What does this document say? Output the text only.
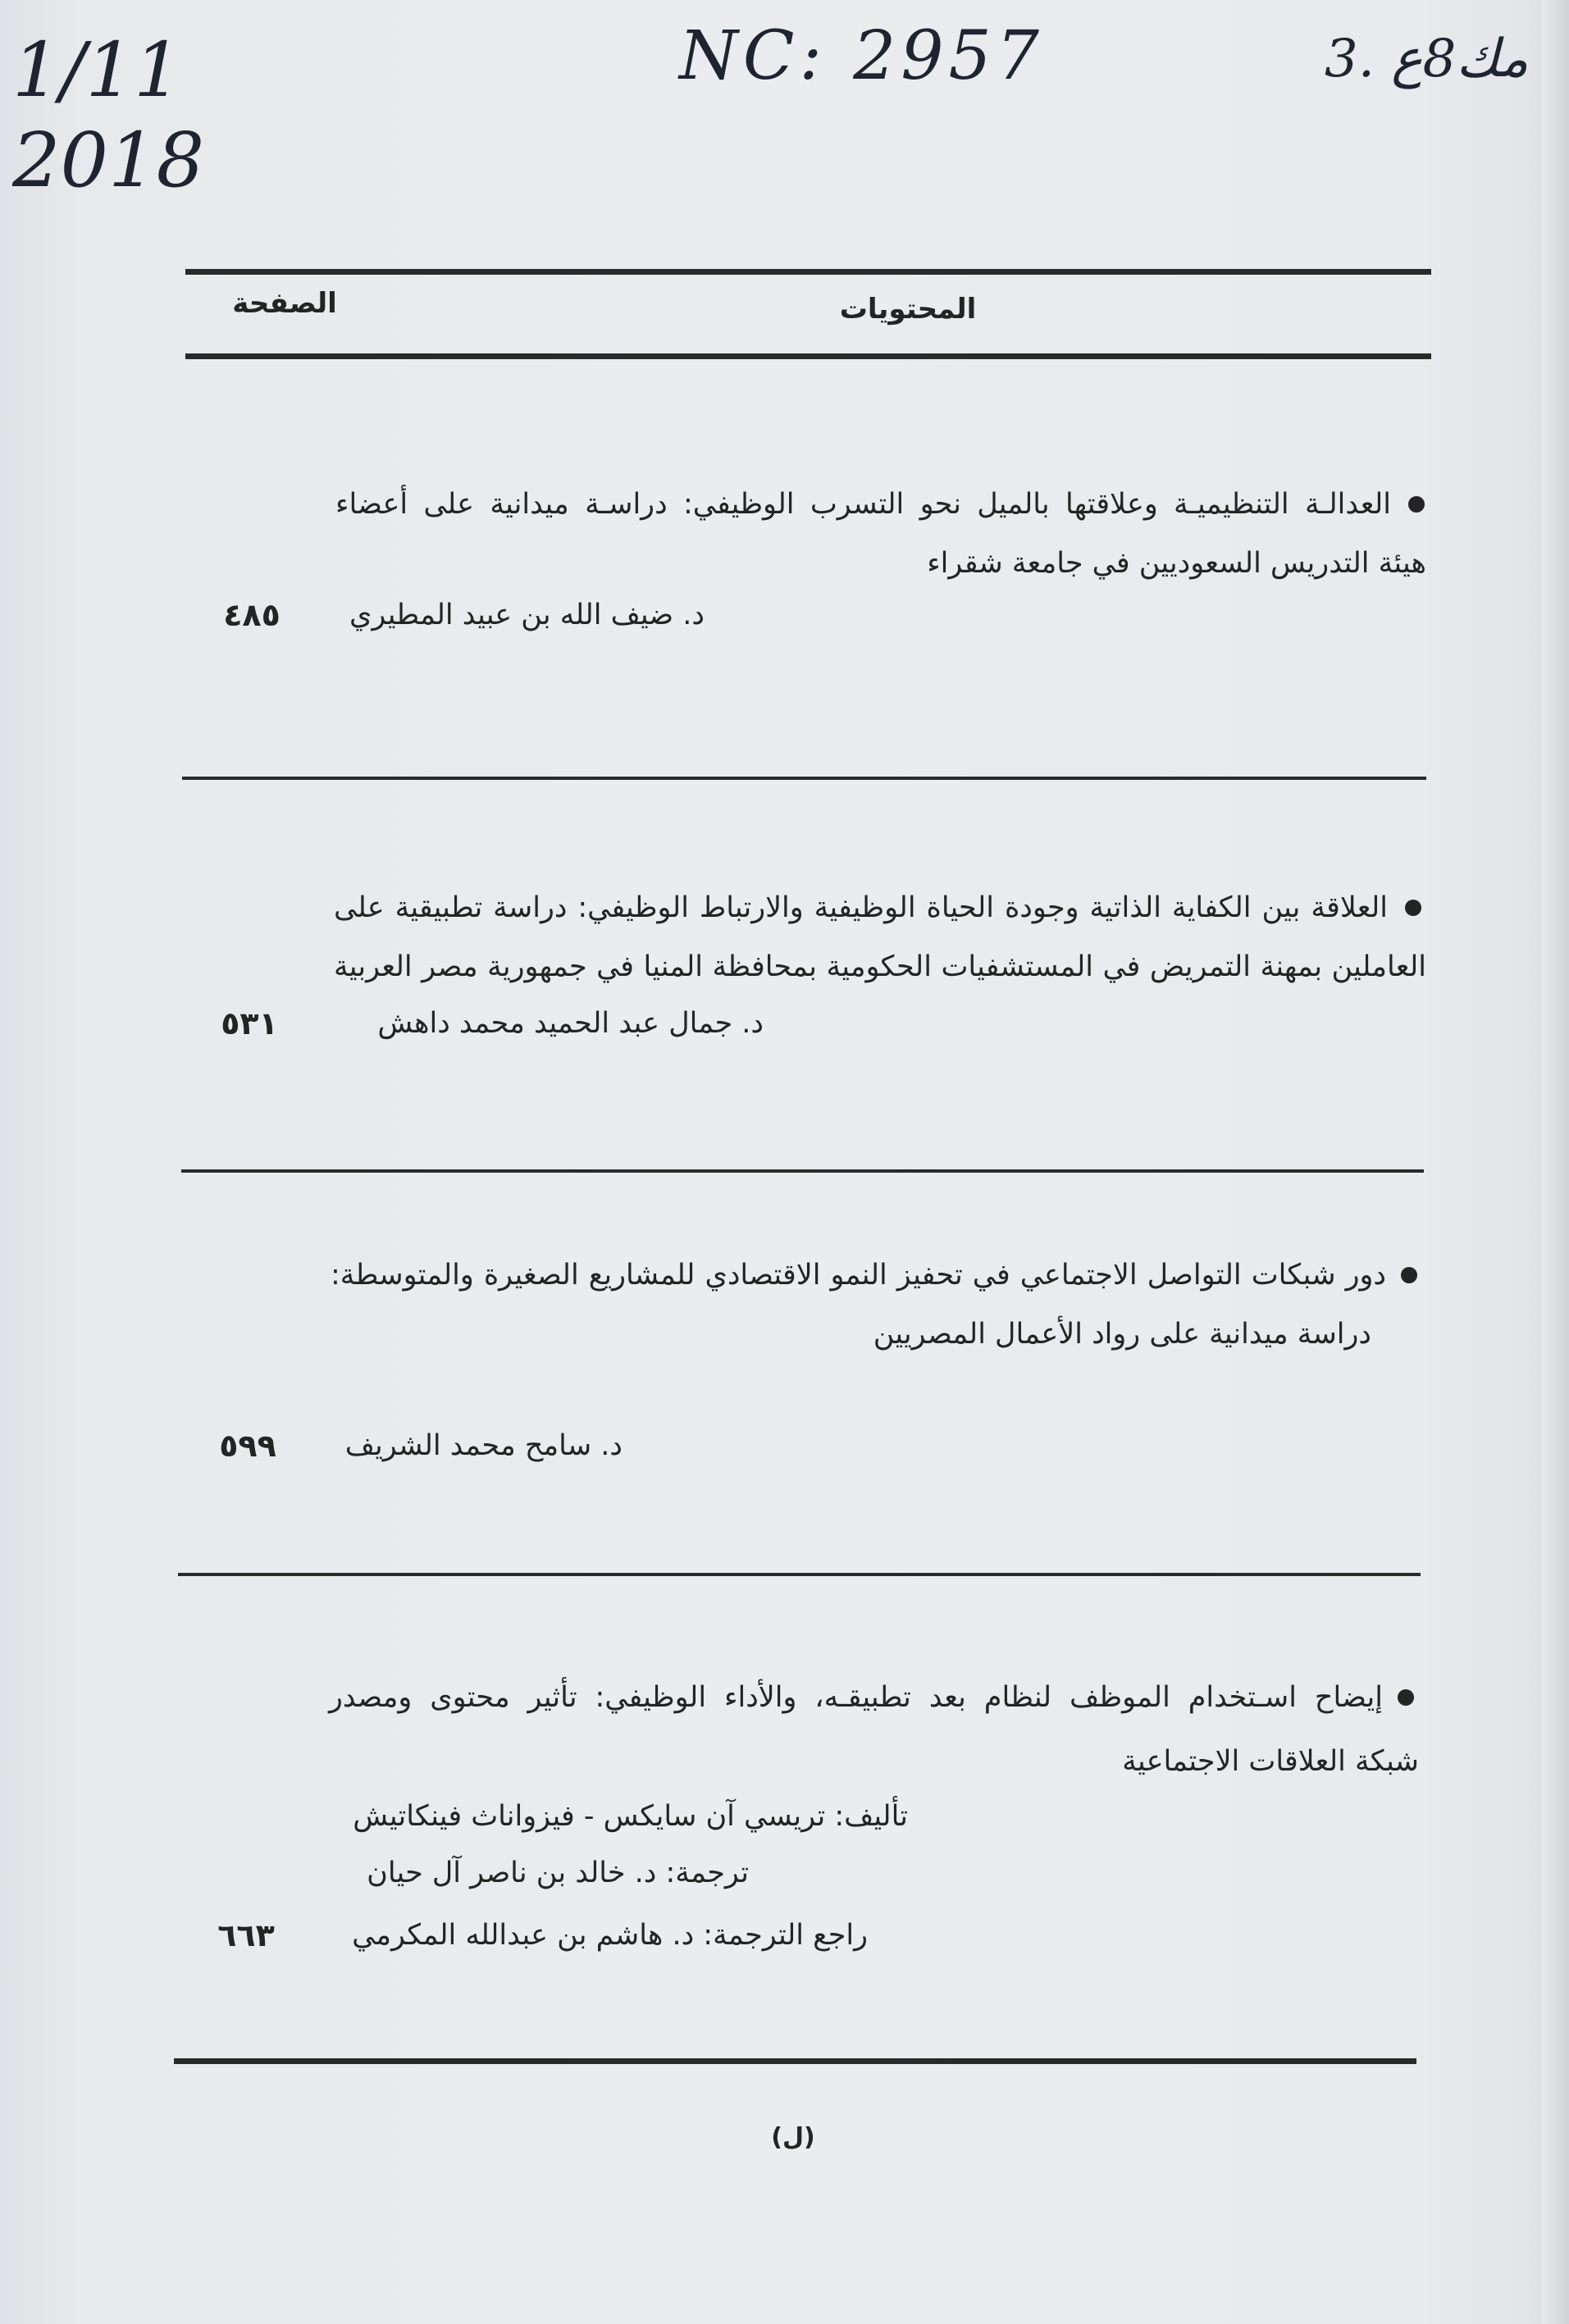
1/11
2018
NC: 2957	3. مك8ع
المحتويات
الصفحة
العدالـة التنظيميـة وعلاقتها بالميل نحو التسرب الوظيفي: دراسـة ميدانية على أعضاء
هيئة التدريس السعوديين في جامعة شقراء
د. ضيف الله بن عبيد المطيري
٤٨٥
العلاقة بين الكفاية الذاتية وجودة الحياة الوظيفية والارتباط الوظيفي: دراسة تطبيقية على
العاملين بمهنة التمريض في المستشفيات الحكومية بمحافظة المنيا في جمهورية مصر العربية
د. جمال عبد الحميد محمد داهش
٥٣١
دور شبكات التواصل الاجتماعي في تحفيز النمو الاقتصادي للمشاريع الصغيرة والمتوسطة:
دراسة ميدانية على رواد الأعمال المصريين
د. سامح محمد الشريف
٥٩٩
إيضاح اسـتخدام الموظف لنظام بعد تطبيقـه، والأداء الوظيفي: تأثير محتوى ومصدر
شبكة العلاقات الاجتماعية
تأليف: تريسي آن سايكس - فيزواناث فينكاتيش
ترجمة: د. خالد بن ناصر آل حيان
راجع الترجمة: د. هاشم بن عبدالله المكرمي
٦٦٣
(ل)
